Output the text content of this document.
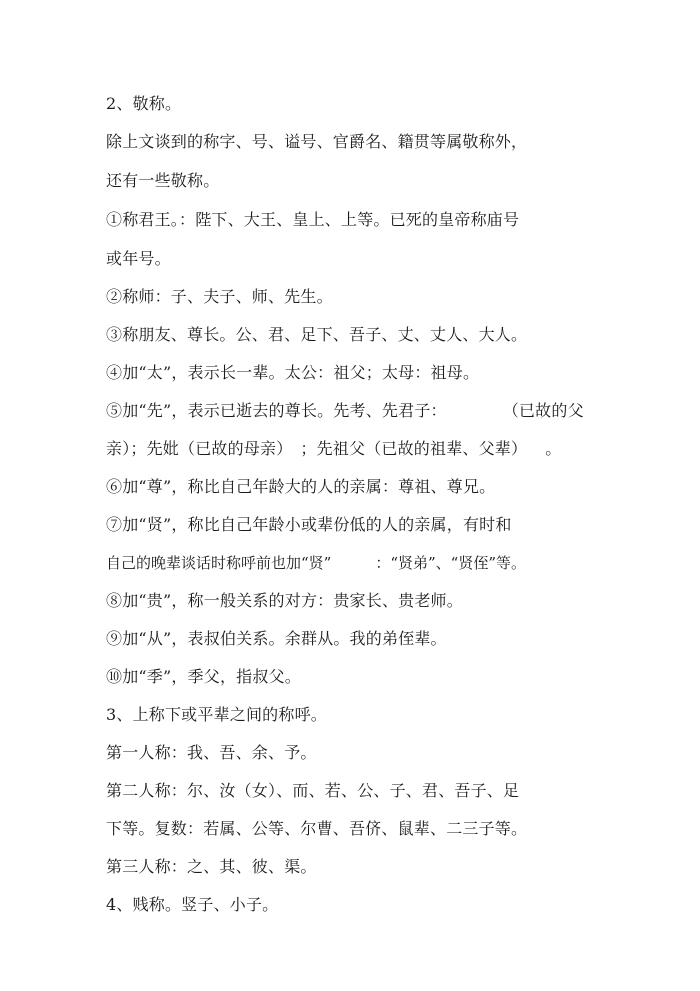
2、敬称。
除上文谈到的称字、号、谥号、官爵名、籍贯等属敬称外，
还有一些敬称。
①称君王。：陛下、大王、皇上、上等。已死的皇帝称庙号
或年号。
②称师：子、夫子、师、先生。
③称朋友、尊长。公、君、足下、吾子、丈、丈人、大人。
④加“太”，表示长一辈。太公：祖父；太母：祖母。
⑤加“先”，表示已逝去的尊长。先考、先君子：	（已故的父
亲）；先妣（已故的母亲） ；先祖父（已故的祖辈、父辈） 。
⑥加“尊”，称比自己年龄大的人的亲属：尊祖、尊兄。
⑦加“贤”，称比自己年龄小或辈份低的人的亲属，有时和
自己的晚辈谈话时称呼前也加“贤”	：“贤弟”、“贤侄”等。
⑧加“贵”，称一般关系的对方：贵家长、贵老师。
⑨加“从”，表叔伯关系。余群从。我的弟侄辈。
⑩加“季”，季父，指叔父。
3、上称下或平辈之间的称呼。
第一人称：我、吾、余、予。
第二人称：尔、汝（女）、而、若、公、子、君、吾子、足
下等。复数：若属、公等、尔曹、吾侪、鼠辈、二三子等。
第三人称：之、其、彼、渠。
4、贱称。竖子、小子。
